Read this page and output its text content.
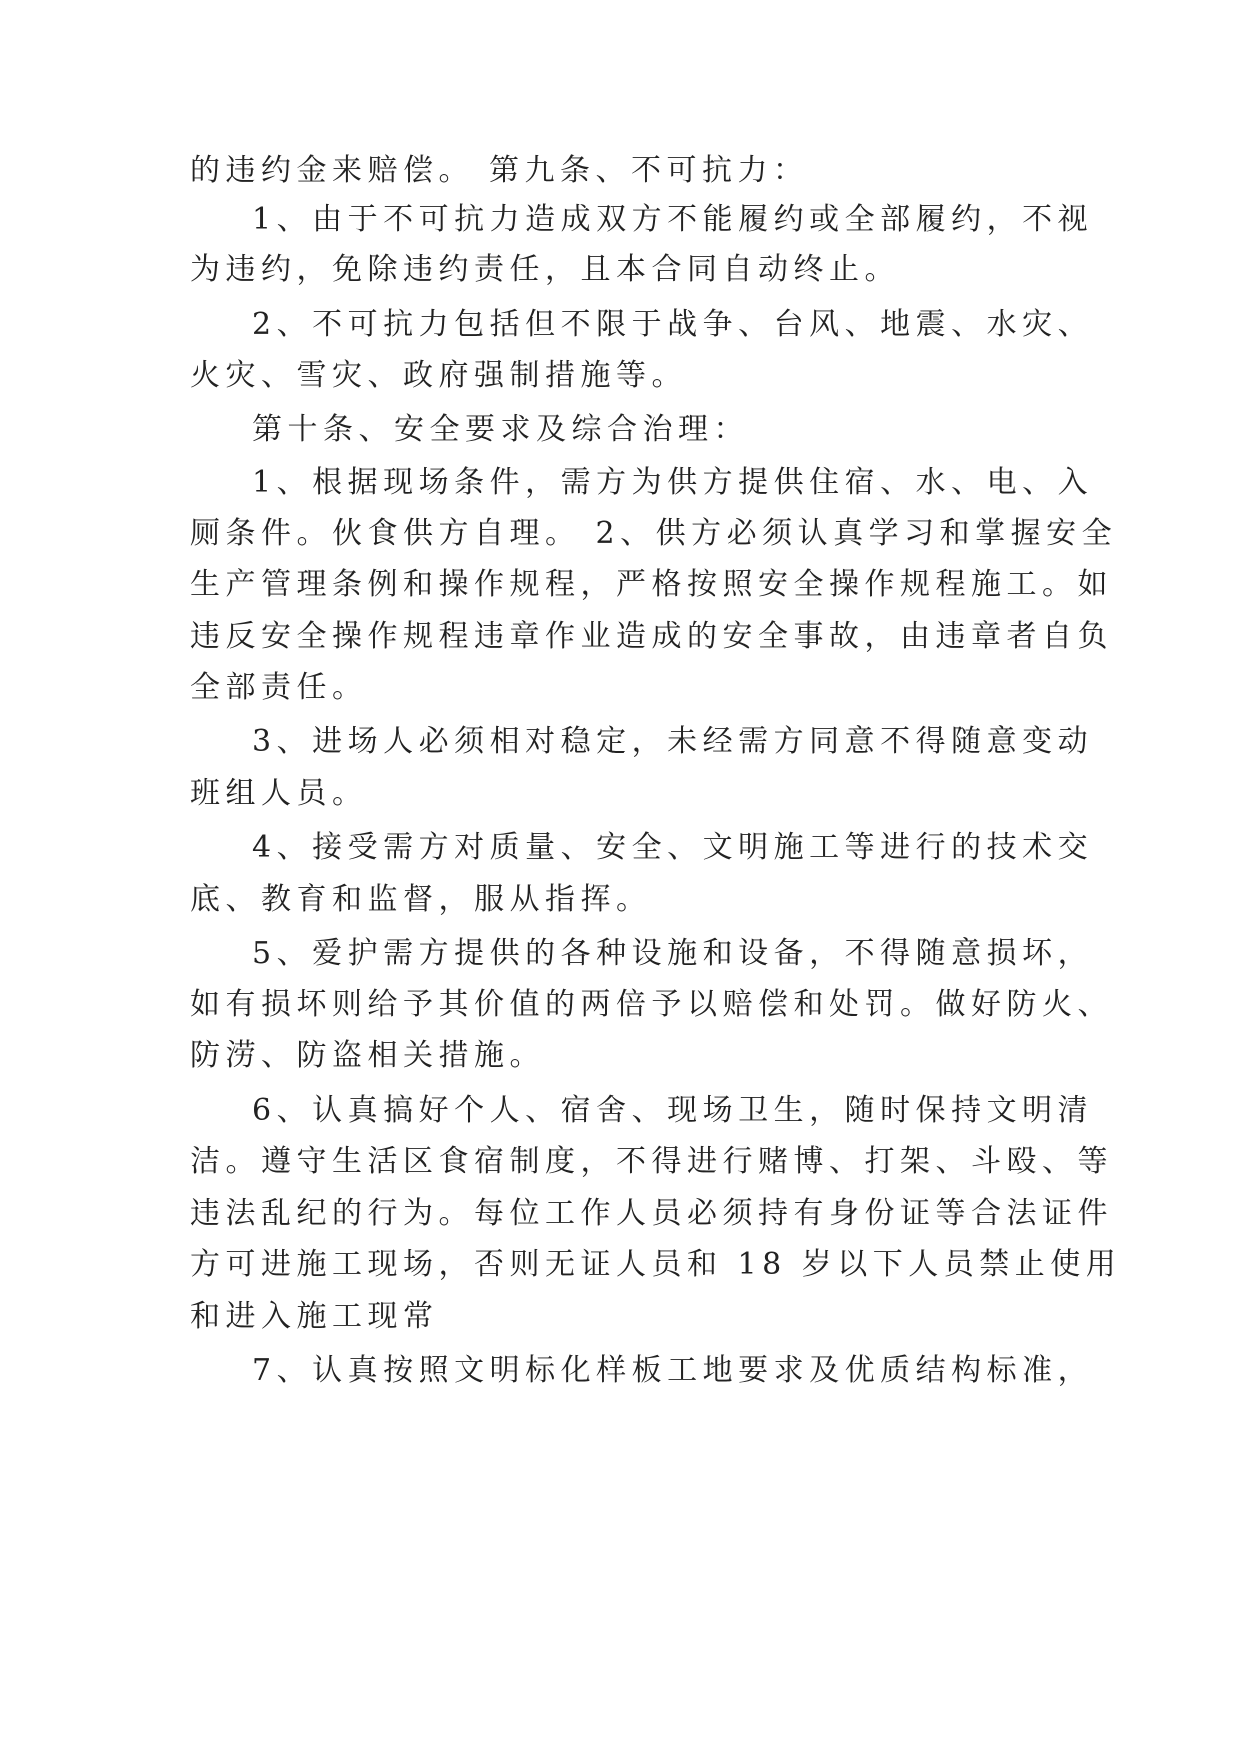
的违约金来赔偿。 第九条、不可抗力：
1、由于不可抗力造成双方不能履约或全部履约，不视
为违约，免除违约责任，且本合同自动终止。
2、不可抗力包括但不限于战争、台风、地震、水灾、
火灾、雪灾、政府强制措施等。
第十条、安全要求及综合治理：
1、根据现场条件，需方为供方提供住宿、水、电、入
厕条件。伙食供方自理。 2、供方必须认真学习和掌握安全
生产管理条例和操作规程，严格按照安全操作规程施工。如
违反安全操作规程违章作业造成的安全事故，由违章者自负
全部责任。
3、进场人必须相对稳定，未经需方同意不得随意变动
班组人员。
4、接受需方对质量、安全、文明施工等进行的技术交
底、教育和监督，服从指挥。
5、爱护需方提供的各种设施和设备，不得随意损坏，
如有损坏则给予其价值的两倍予以赔偿和处罚。做好防火、
防涝、防盗相关措施。
6、认真搞好个人、宿舍、现场卫生，随时保持文明清
洁。遵守生活区食宿制度，不得进行赌博、打架、斗殴、等
违法乱纪的行为。每位工作人员必须持有身份证等合法证件
方可进施工现场，否则无证人员和 18 岁以下人员禁止使用
和进入施工现常
7、认真按照文明标化样板工地要求及优质结构标准，
